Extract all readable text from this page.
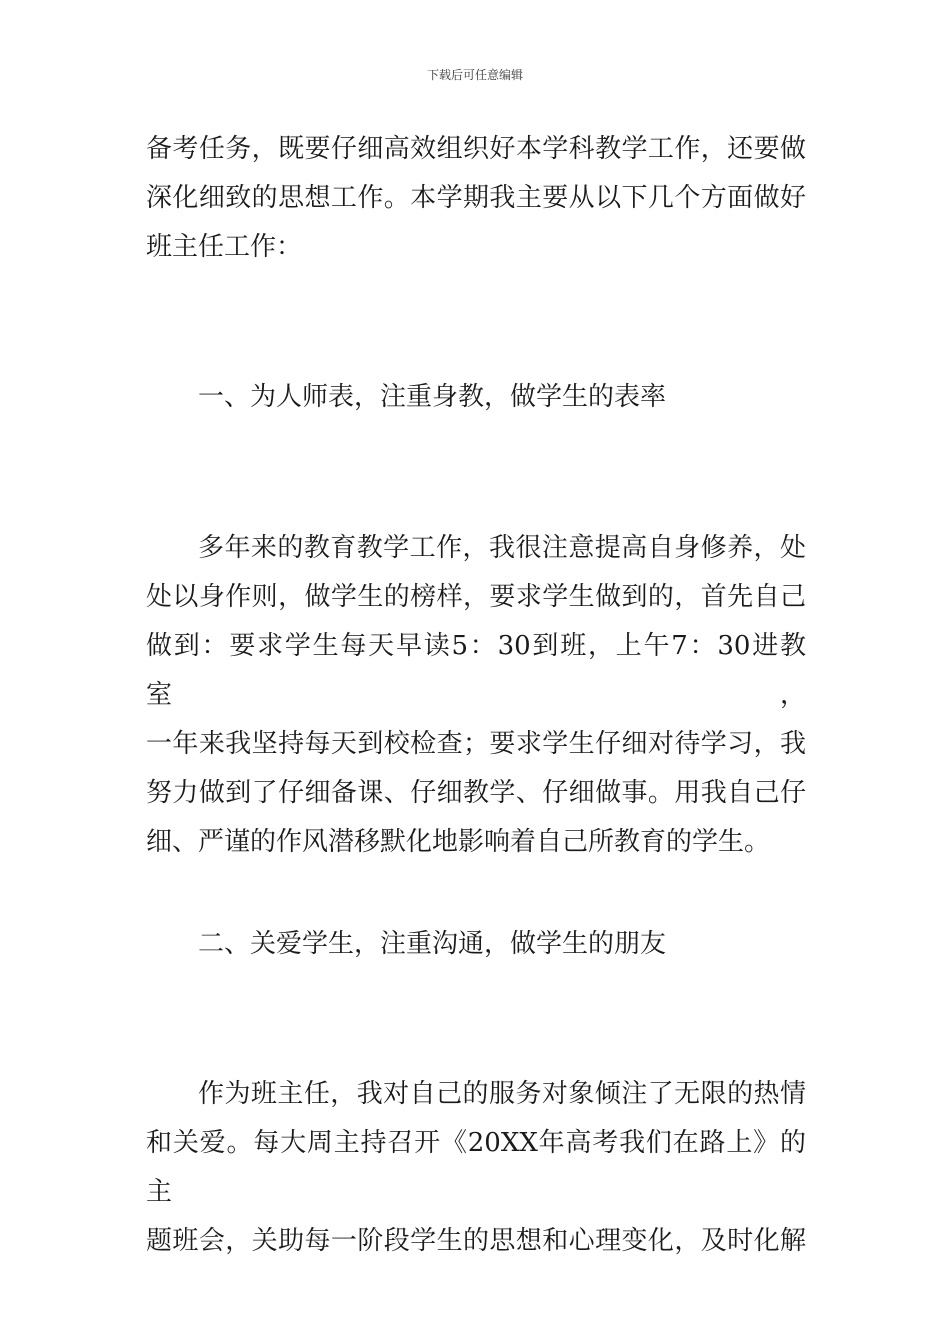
下载后可任意编辑
备考任务，既要仔细高效组织好本学科教学工作，还要做
深化细致的思想工作。本学期我主要从以下几个方面做好
班主任工作：
一、为人师表，注重身教，做学生的表率
多年来的教育教学工作，我很注意提高自身修养，处
处以身作则，做学生的榜样，要求学生做到的，首先自己
做到：要求学生每天早读5：30到班，上午7：30进教室，
一年来我坚持每天到校检查；要求学生仔细对待学习，我
努力做到了仔细备课、仔细教学、仔细做事。用我自己仔
细、严谨的作风潜移默化地影响着自己所教育的学生。
二、关爱学生，注重沟通，做学生的朋友
作为班主任，我对自己的服务对象倾注了无限的热情
和关爱。每大周主持召开《20XX年高考我们在路上》的主
题班会，关助每一阶段学生的思想和心理变化，及时化解
